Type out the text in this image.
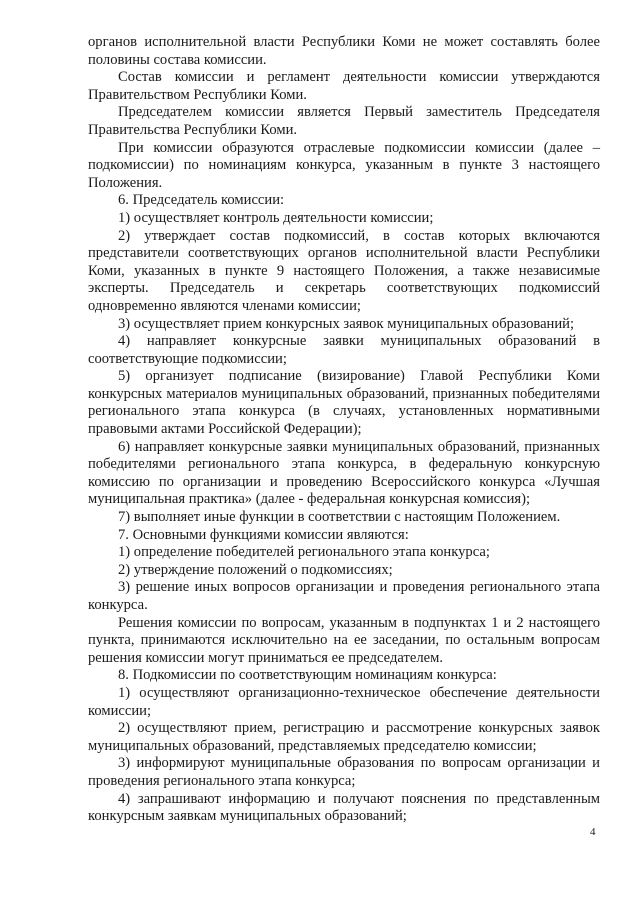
органов исполнительной власти Республики Коми не может составлять более половины состава комиссии.

Состав комиссии и регламент деятельности комиссии утверждаются Правительством Республики Коми.

Председателем комиссии является Первый заместитель Председателя Правительства Республики Коми.

При комиссии образуются отраслевые подкомиссии комиссии (далее – подкомиссии) по номинациям конкурса, указанным в пункте 3 настоящего Положения.

6. Председатель комиссии:

1) осуществляет контроль деятельности комиссии;

2) утверждает состав подкомиссий, в состав которых включаются представители соответствующих органов исполнительной власти Республики Коми, указанных в пункте 9 настоящего Положения, а также независимые эксперты. Председатель и секретарь соответствующих подкомиссий одновременно являются членами комиссии;

3) осуществляет прием конкурсных заявок муниципальных образований;

4) направляет конкурсные заявки муниципальных образований в соответствующие подкомиссии;

5) организует подписание (визирование) Главой Республики Коми конкурсных материалов муниципальных образований, признанных победителями регионального этапа конкурса (в случаях, установленных нормативными правовыми актами Российской Федерации);

6) направляет конкурсные заявки муниципальных образований, признанных победителями регионального этапа конкурса, в федеральную конкурсную комиссию по организации и проведению Всероссийского конкурса «Лучшая муниципальная практика» (далее - федеральная конкурсная комиссия);

7) выполняет иные функции в соответствии с настоящим Положением.

7. Основными функциями комиссии являются:

1) определение победителей регионального этапа конкурса;

2) утверждение положений о подкомиссиях;

3) решение иных вопросов организации и проведения регионального этапа конкурса.

Решения комиссии по вопросам, указанным в подпунктах 1 и 2 настоящего пункта, принимаются исключительно на ее заседании, по остальным вопросам решения комиссии могут приниматься ее председателем.

8. Подкомиссии по соответствующим номинациям конкурса:

1) осуществляют организационно-техническое обеспечение деятельности комиссии;

2) осуществляют прием, регистрацию и рассмотрение конкурсных заявок муниципальных образований, представляемых председателю комиссии;

3) информируют муниципальные образования по вопросам организации и проведения регионального этапа конкурса;

4) запрашивают информацию и получают пояснения по представленным конкурсным заявкам муниципальных образований;

4
